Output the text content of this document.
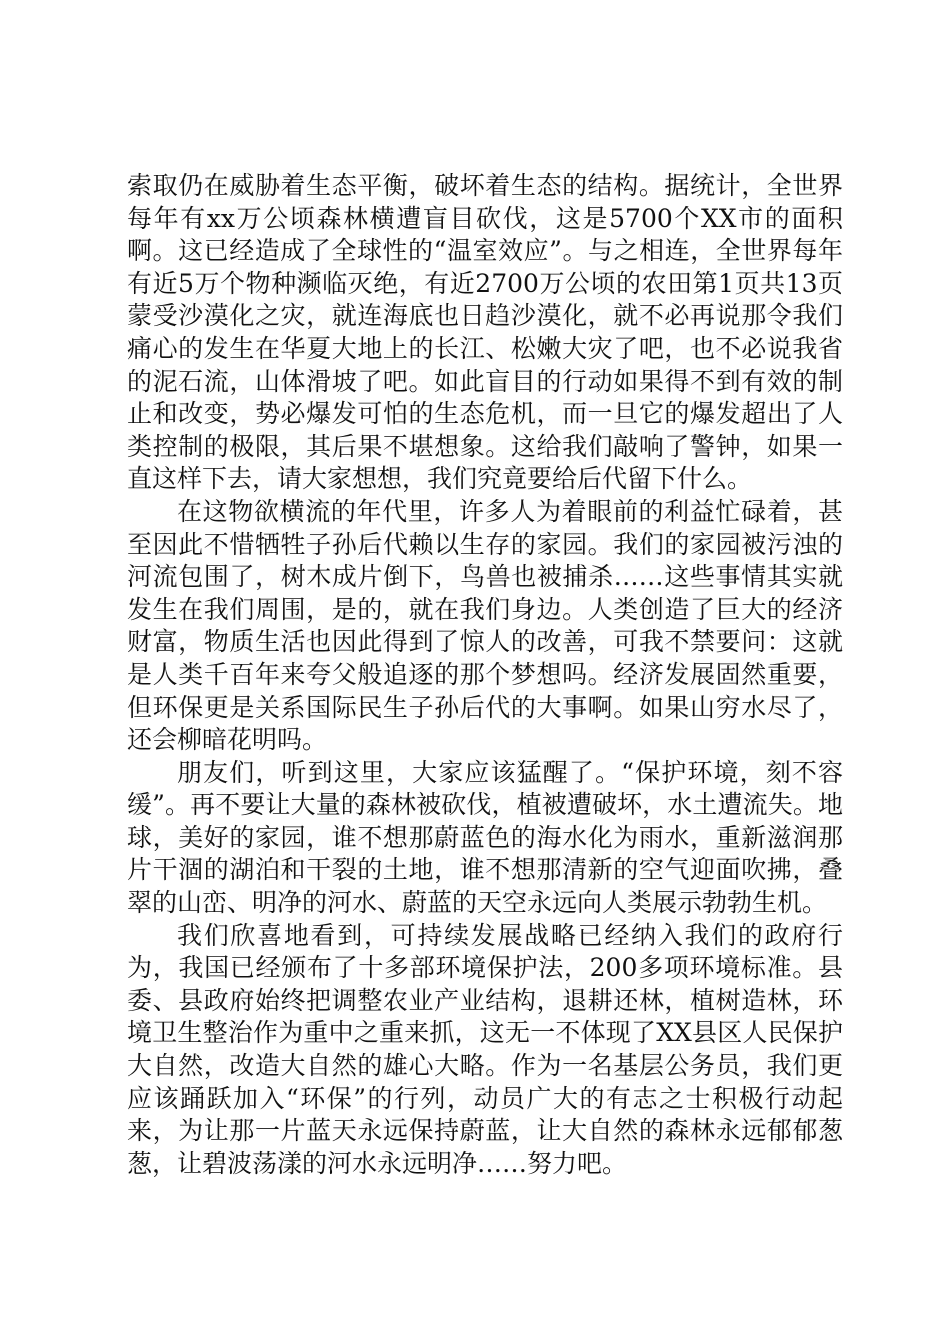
索取仍在威胁着生态平衡，破坏着生态的结构。据统计，全世界每年有xx万公顷森林横遭盲目砍伐，这是5700个XX市的面积啊。这已经造成了全球性的“温室效应”。与之相连，全世界每年有近5万个物种濒临灭绝，有近2700万公顷的农田第1页共13页蒙受沙漠化之灾，就连海底也日趋沙漠化，就不必再说那令我们痛心的发生在华夏大地上的长江、松嫩大灾了吧，也不必说我省的泥石流，山体滑坡了吧。如此盲目的行动如果得不到有效的制止和改变，势必爆发可怕的生态危机，而一旦它的爆发超出了人类控制的极限，其后果不堪想象。这给我们敲响了警钟，如果一直这样下去，请大家想想，我们究竟要给后代留下什么。

在这物欲横流的年代里，许多人为着眼前的利益忙碌着，甚至因此不惜牺牲子孙后代赖以生存的家园。我们的家园被污浊的河流包围了，树木成片倒下，鸟兽也被捕杀……这些事情其实就发生在我们周围，是的，就在我们身边。人类创造了巨大的经济财富，物质生活也因此得到了惊人的改善，可我不禁要问：这就是人类千百年来夸父般追逐的那个梦想吗。经济发展固然重要，但环保更是关系国际民生子孙后代的大事啊。如果山穷水尽了，还会柳暗花明吗。

朋友们，听到这里，大家应该猛醒了。“保护环境，刻不容缓”。再不要让大量的森林被砍伐，植被遭破坏，水土遭流失。地球，美好的家园，谁不想那蔚蓝色的海水化为雨水，重新滋润那片干涸的湖泊和干裂的土地，谁不想那清新的空气迎面吹拂，叠翠的山峦、明净的河水、蔚蓝的天空永远向人类展示勃勃生机。

我们欣喜地看到，可持续发展战略已经纳入我们的政府行为，我国已经颁布了十多部环境保护法，200多项环境标准。县委、县政府始终把调整农业产业结构，退耕还林，植树造林，环境卫生整治作为重中之重来抓，这无一不体现了XX县区人民保护大自然，改造大自然的雄心大略。作为一名基层公务员，我们更应该踊跃加入“环保”的行列，动员广大的有志之士积极行动起来，为让那一片蓝天永远保持蔚蓝，让大自然的森林永远郁郁葱葱，让碧波荡漾的河水永远明净……努力吧。
